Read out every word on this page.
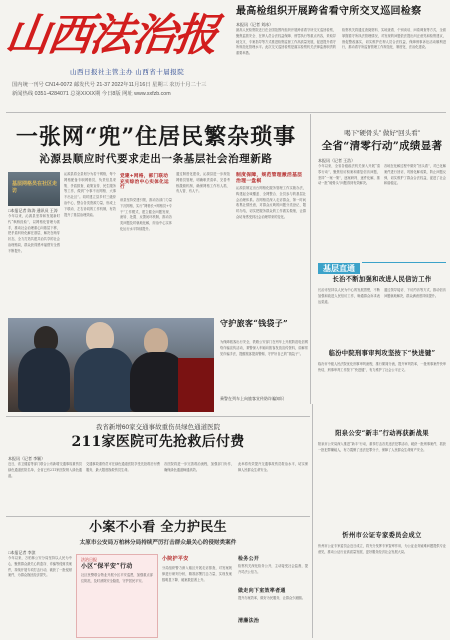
山西法治报
山西日报社主管主办 山西省十届报院
国内统一刊号 CN14-0072 邮发代号 21-37 2022年11月16日 星期三 农历十月二十三
新闻热线 0351-4284071 总第XXXX期 今日8版 网址 www.sxfzb.com
最高检组织开展跨省看守所交叉巡回检察
本报讯（记者 刘冰）
最高人民检察院近日在全国范围内组织开展跨省看守所交叉巡回检察，聚焦监管安全、在押人员合法权益保障、刑罚执行等重点内容，采取异地交叉、专案指导等方式推进检察监督工作高质量发展，促进提升看守所规范化管理水平。此次交叉巡回检察是落实检察机关法律监督职责的重要举措。
检察机关将通过查阅资料、实地查看、个别谈话、问卷调查等方式，全面掌握看守所执法管理情况，对发现的问题依法提出纠正意见和检察建议，督促整改落实，切实维护在押人员合法权益，保障刑事诉讼活动顺利进行，推动看守所监督管理工作规范化、制度化、法治化建设。
一张网“兜”住居民繁杂琐事
沁源县顺应时代要求走出一条基层社会治理新路
基层网格员在社区走访
□本报记者 陈涛 通讯员 王涛
今年以来，沁源县坚持和发展新时代“枫桥经验”，以网格化管理为抓手，推动社会治理重心向基层下移，把矛盾纠纷化解在基层、解决在萌芽状态，全力打造共建共治共享的社会治理格局，群众获得感幸福感安全感不断提升。
沁源县将全县划分为若干网格，每个网格配备专职网格员，负责信息采集、矛盾排查、政策宣传、民生服务等工作，做到“小事不出网格、大事不出社区”。同时建立县乡村三级综治中心，整合各类资源力量，形成上下联动、左右协同的工作机制，有效提升了基层治理效能。
党建+网格，部门联动充实综治中心实体化运行
该县坚持党建引领，推动各部门力量下沉网格，实行“网格长+网格员+专干”工作模式，建立健全问题发现、流转、处置、反馈闭环机制，推动各类问题及时就地化解，综治中心实体化运行水平持续提升。
通过制度化建设，沁源县进一步规范网格员管理，明确职责清单，完善考核激励机制，确保网格工作有人抓、有人管、有人干。
制度保障，规范管理激活基层治理一盘棋
沁源县制定出台网格化服务管理工作实施办法，构建起全域覆盖、全网整合、全员参与的基层社会治理体系。各网格员深入走访群众，第一时间收集社情民意，对群众反映的问题分类登记、限时办结，切实把服务群众的工作做实做细，让群众切身感受到社会治理带来的变化。
守护旅客“钱袋子”
为保障旅客出行安全，铁路公安部门在列车上开展防范电信网络诈骗宣传活动，乘警深入车厢向旅客发放宣传资料，讲解常见诈骗手法，提醒旅客提高警惕，守护好自己的“钱袋子”。
乘警在列车上向旅客宣传防诈骗知识
喝下“硬骨头” 做好“回头看”
全省“清零行动”成绩显著
本报讯（记者 王浩）
今年以来，全省各级政法机关深入开展“清零行动”，聚焦信访积案和重复信访问题，坚持“一案一策”，逐案研判、逐件化解，推动一批“硬骨头”问题得到有效解决。
各地在化解过程中做好“回头看”，对已化解案件进行回访，巩固化解成果，防止问题反弹，切实维护了群众合法权益，促进了社会和谐稳定。
基层直通
长治不断加强和改进人民信访工作
长治市坚持以人民为中心的发展思想，不断加强和改进人民信访工作，畅通群众诉求表达渠道。
通过领导接访、下访约访等方式，推动信访问题就地解决，群众满意度持续提升。
临汾中院刑事审判攻坚按下“快进键”
临汾市中级人民法院优化刑事审判流程，推行繁简分流，提升审判效率，一批刑事案件快审快结，刑事审判工作按下“快进键”，有力维护了社会公平正义。
阳泉公安“新丰”行动再获新战果
阳泉市公安局深入推进“新丰”行动，重拳打击各类违法犯罪活动，破获一批刑事案件，抓获一批犯罪嫌疑人，有力震慑了违法犯罪分子，保障了人民群众生命财产安全。
忻州市公证专家委员会成立
忻州市公证专家委员会近日成立，将充分发挥专家智库作用，为公证业务疑难问题提供专业意见，推动公证行业高质量发展，更好服务经济社会发展大局。
我省新增60家交通事故重伤员绿色通道医院
211家医院可先抢救后付费
本报讯（记者 李颖）
近日，省卫健委等部门联合公布新增交通事故重伤员绿色通道医院名单，全省已有211家医院纳入绿色通道。
交通事故重伤员可在绿色通道医院享受先抢救后付费服务，最大限度挽救伤员生命。
各医院将进一步完善救治流程，加强部门协作，确保绿色通道畅通高效。
此举将有效提升交通事故伤员救治水平，切实保障人民群众生命安全。
小案不小看 全力护民生
太原市公安局万柏林分局持续严厉打击群众最关心的侵财类案件
□本报记者 李滨
今年以来，万柏林公安分局坚持以人民为中心，聚焦群众最关心的盗窃、诈骗等侵财类案件，持续开展专项打击行动，破获了一批侵财案件，为群众挽回经济损失。
法治日报
小区“保平安”行动
社区民警联合物业开展小区平安巡逻，加强重点部位防范，及时消除安全隐患，守护居民平安。
小院护平安
分局组织警力深入辖区开展走访排查，对发案规律进行研判分析，精准部署打击力量，实现发案数明显下降、破案数显著上升。
检务公开
做走向下室效率者通
清廉法治
检察机关深化检务公开，主动接受社会监督，提升司法公信力。
提升办案效率，做好为民服务，让群众少跑腿。
